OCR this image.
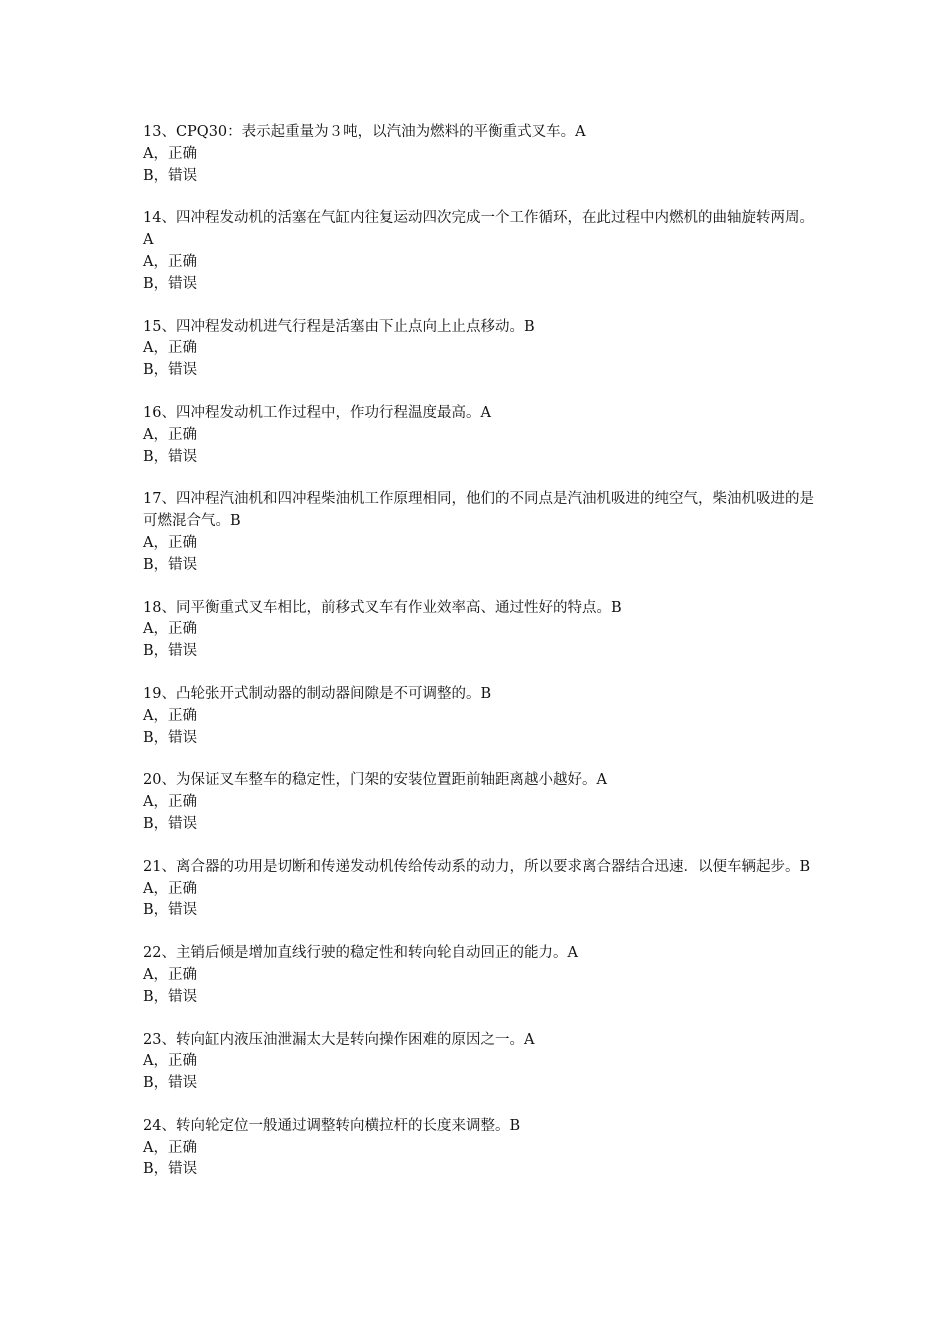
13、CPQ30：表示起重量为３吨，以汽油为燃料的平衡重式叉车。A

A，正确

B，错误

14、四冲程发动机的活塞在气缸内往复运动四次完成一个工作循环，在此过程中内燃机的曲轴旋转两周。A

A，正确

B，错误

15、四冲程发动机进气行程是活塞由下止点向上止点移动。B

A，正确

B，错误

16、四冲程发动机工作过程中，作功行程温度最高。A

A，正确

B，错误

17、四冲程汽油机和四冲程柴油机工作原理相同，他们的不同点是汽油机吸进的纯空气，柴油机吸进的是可燃混合气。B

A，正确

B，错误

18、同平衡重式叉车相比，前移式叉车有作业效率高、通过性好的特点。B

A，正确

B，错误

19、凸轮张开式制动器的制动器间隙是不可调整的。B

A，正确

B，错误

20、为保证叉车整车的稳定性，门架的安装位置距前轴距离越小越好。A

A，正确

B，错误

21、离合器的功用是切断和传递发动机传给传动系的动力，所以要求离合器结合迅速．以便车辆起步。B

A，正确

B，错误

22、主销后倾是增加直线行驶的稳定性和转向轮自动回正的能力。A

A，正确

B，错误

23、转向缸内液压油泄漏太大是转向操作困难的原因之一。A

A，正确

B，错误

24、转向轮定位一般通过调整转向横拉杆的长度来调整。B

A，正确

B，错误
